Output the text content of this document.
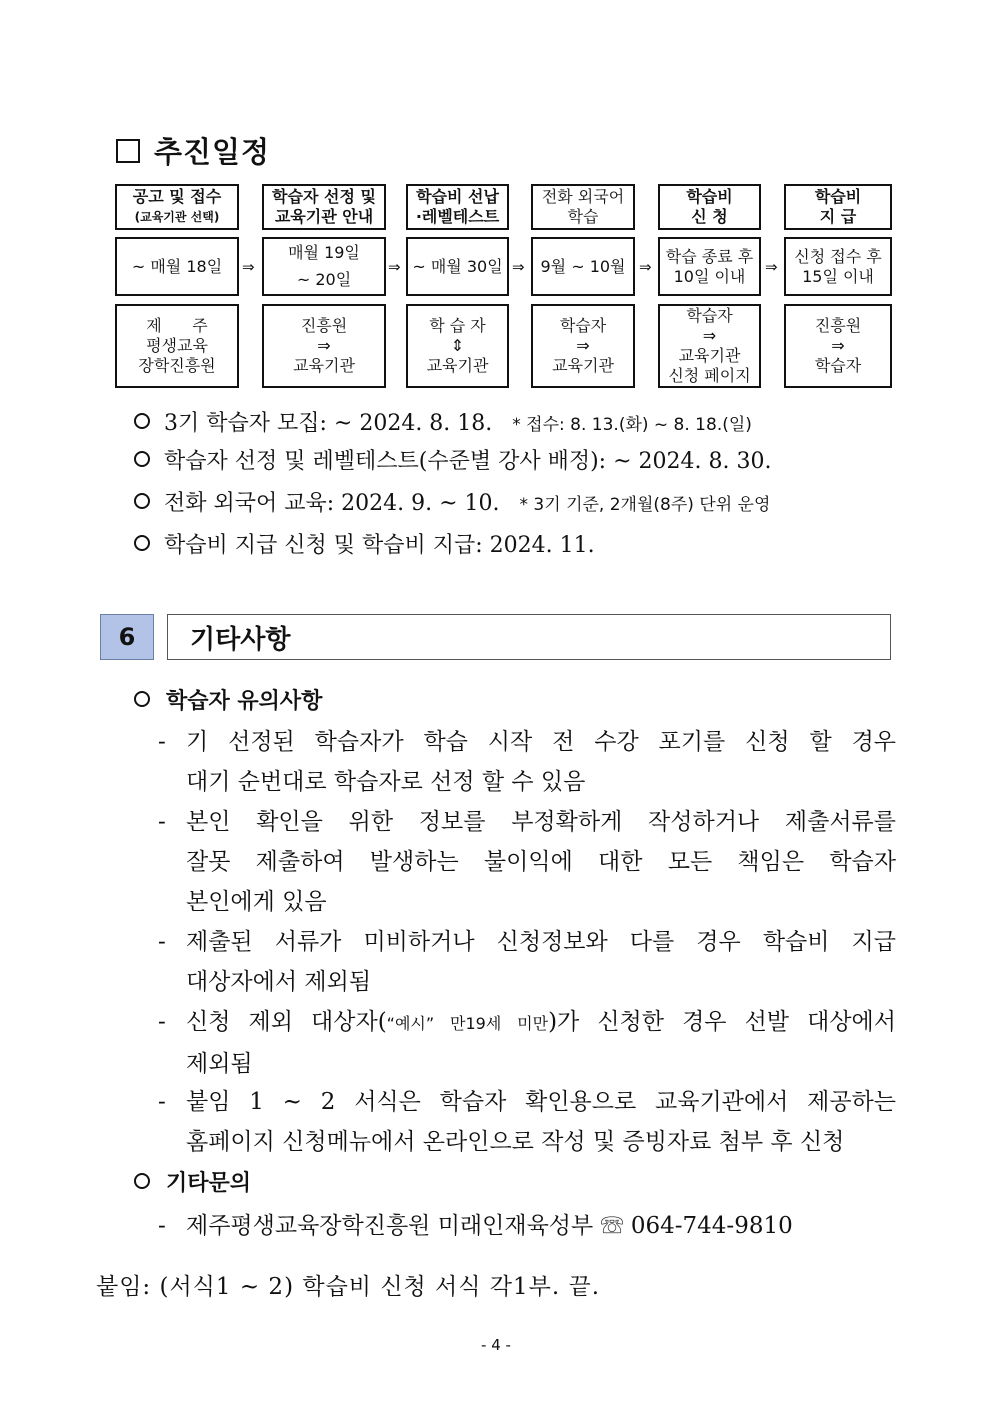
추진일정
공고 및 접수
(교육기관 선택)
학습자 선정 및
교육기관 안내
학습비 선납
·레벨테스트
전화 외국어
학습
학습비
신 청
학습비
지 급
~ 매월 18일 ⇒
매월 19일
~ 20일
⇒ ~ 매월 30일 ⇒ 9월 ~ 10월 ⇒
학습 종료 후
10일 이내 ⇒
신청 접수 후
15일 이내
제      주
평생교육
장학진흥원
진흥원
⇒
교육기관
학 습 자
⇕
교육기관
학습자
⇒
교육기관
학습자
⇒
교육기관
신청 페이지
진흥원
⇒
학습자
3기 학습자 모집: ~ 2024. 8. 18. * 접수: 8. 13.(화) ~ 8. 18.(일)
학습자 선정 및 레벨테스트(수준별 강사 배정): ~ 2024. 8. 30.
전화 외국어 교육: 2024. 9. ~ 10. * 3기 기준, 2개월(8주) 단위 운영
학습비 지급 신청 및 학습비 지급: 2024. 11.
6	기타사항
학습자 유의사항
- 기 선정된 학습자가 학습 시작 전 수강 포기를 신청 할 경우
대기 순번대로 학습자로 선정 할 수 있음
- 본인 확인을 위한 정보를 부정확하게 작성하거나 제출서류를
잘못 제출하여 발생하는 불이익에 대한 모든 책임은 학습자
본인에게 있음
- 제출된 서류가 미비하거나 신청정보와 다를 경우 학습비 지급
대상자에서 제외됨
- 신청 제외 대상자(“예시” 만19세 미만)가 신청한 경우 선발 대상에서
제외됨
- 붙임 1 ~ 2 서식은 학습자 확인용으로 교육기관에서 제공하는
홈페이지 신청메뉴에서 온라인으로 작성 및 증빙자료 첨부 후 신청
기타문의
- 제주평생교육장학진흥원 미래인재육성부 ☏ 064-744-9810
붙임: (서식1 ~ 2) 학습비 신청 서식 각1부. 끝.
- 4 -
